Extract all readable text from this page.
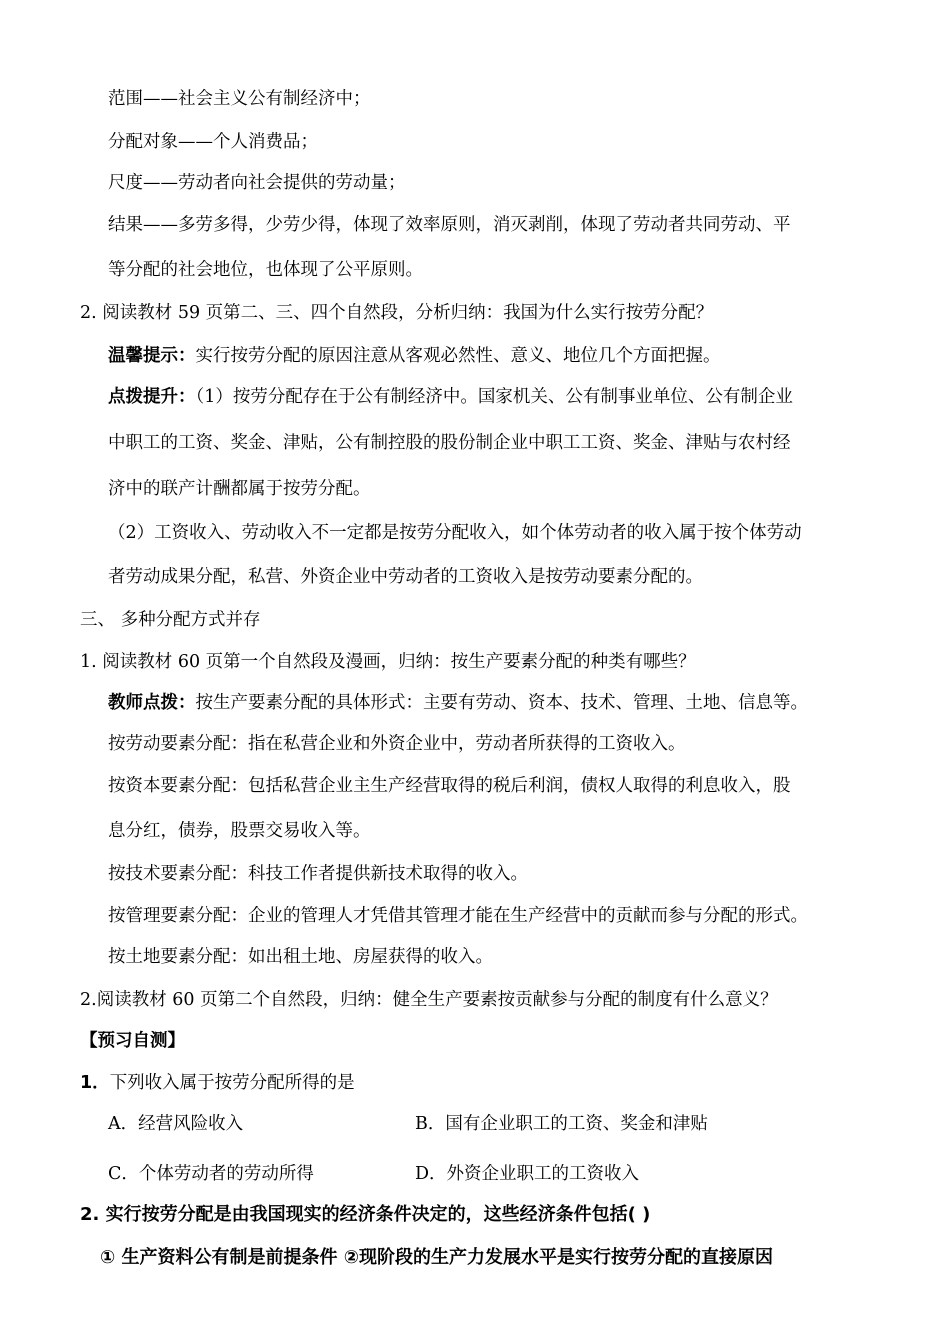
范围——社会主义公有制经济中；
分配对象——个人消费品；
尺度——劳动者向社会提供的劳动量；
结果——多劳多得，少劳少得，体现了效率原则，消灭剥削，体现了劳动者共同劳动、平
等分配的社会地位，也体现了公平原则。
2. 阅读教材 59 页第二、三、四个自然段，分析归纳：我国为什么实行按劳分配？
温馨提示：实行按劳分配的原因注意从客观必然性、意义、地位几个方面把握。
点拨提升：（1）按劳分配存在于公有制经济中。国家机关、公有制事业单位、公有制企业
中职工的工资、奖金、津贴，公有制控股的股份制企业中职工工资、奖金、津贴与农村经
济中的联产计酬都属于按劳分配。
（2）工资收入、劳动收入不一定都是按劳分配收入，如个体劳动者的收入属于按个体劳动
者劳动成果分配，私营、外资企业中劳动者的工资收入是按劳动要素分配的。
三、 多种分配方式并存
1. 阅读教材 60 页第一个自然段及漫画，归纳：按生产要素分配的种类有哪些？
教师点拨：按生产要素分配的具体形式：主要有劳动、资本、技术、管理、土地、信息等。
按劳动要素分配：指在私营企业和外资企业中，劳动者所获得的工资收入。
按资本要素分配：包括私营企业主生产经营取得的税后利润，债权人取得的利息收入，股
息分红，债券，股票交易收入等。
按技术要素分配：科技工作者提供新技术取得的收入。
按管理要素分配：企业的管理人才凭借其管理才能在生产经营中的贡献而参与分配的形式。
按土地要素分配：如出租土地、房屋获得的收入。
2.阅读教材 60 页第二个自然段，归纳：健全生产要素按贡献参与分配的制度有什么意义？
【预习自测】
1．下列收入属于按劳分配所得的是
A．经营风险收入	B．国有企业职工的工资、奖金和津贴
C．个体劳动者的劳动所得	D．外资企业职工的工资收入
2. 实行按劳分配是由我国现实的经济条件决定的，这些经济条件包括( )
① 生产资料公有制是前提条件 ②现阶段的生产力发展水平是实行按劳分配的直接原因
